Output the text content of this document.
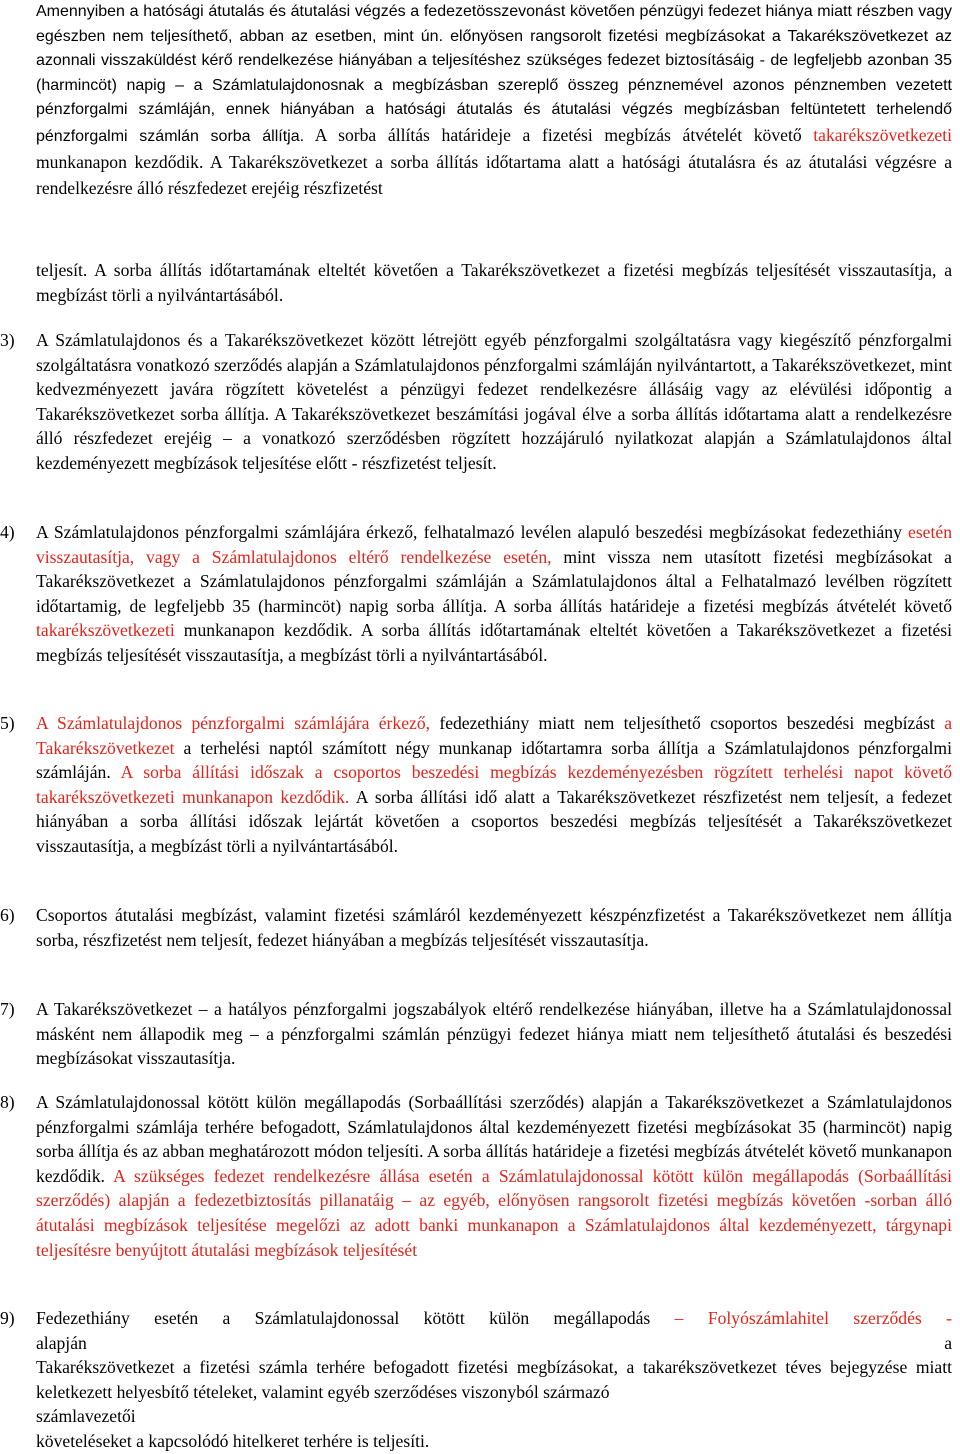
Amennyiben a hatósági átutalás és átutalási végzés a fedezetösszevonást követően pénzügyi fedezet hiánya miatt részben vagy egészben nem teljesíthető, abban az esetben, mint ún. előnyösen rangsorolt fizetési megbízásokat a Takarékszövetkezet az azonnali visszaküldést kérő rendelkezése hiányában a teljesítéshez szükséges fedezet biztosításáig - de legfeljebb azonban 35 (harmincöt) napig – a Számlatulajdonosnak a megbízásban szereplő összeg pénznemével azonos pénznemben vezetett pénzforgalmi számláján, ennek hiányában a hatósági átutalás és átutalási végzés megbízásban feltüntetett terhelendő pénzforgalmi számlán sorba állítja. A sorba állítás határideje a fizetési megbízás átvételét követő takarékszövetkezeti munkanapon kezdődik. A Takarékszövetkezet a sorba állítás időtartama alatt a hatósági átutalásra és az átutalási végzésre a rendelkezésre álló részfedezet erejéig részfizetést

teljesít. A sorba állítás időtartamának elteltét követően a Takarékszövetkezet a fizetési megbízás teljesítését visszautasítja, a megbízást törli a nyilvántartásából.

3)	A Számlatulajdonos és a Takarékszövetkezet között létrejött egyéb pénzforgalmi szolgáltatásra vagy kiegészítő pénzforgalmi szolgáltatásra vonatkozó szerződés alapján a Számlatulajdonos pénzforgalmi számláján nyilvántartott, a Takarékszövetkezet, mint kedvezményezett javára rögzített követelést a pénzügyi fedezet rendelkezésre állásáig vagy az elévülési időpontig a Takarékszövetkezet sorba állítja. A Takarékszövetkezet beszámítási jogával élve a sorba állítás időtartama alatt a rendelkezésre álló részfedezet erejéig – a vonatkozó szerződésben rögzített hozzájáruló nyilatkozat alapján a Számlatulajdonos által kezdeményezett megbízások teljesítése előtt - részfizetést teljesít.

4)	A Számlatulajdonos pénzforgalmi számlájára érkező, felhatalmazó levélen alapuló beszedési megbízásokat fedezethiány esetén visszautasítja, vagy a Számlatulajdonos eltérő rendelkezése esetén, mint vissza nem utasított fizetési megbízásokat a Takarékszövetkezet a Számlatulajdonos pénzforgalmi számláján a Számlatulajdonos által a Felhatalmazó levélben rögzített időtartamig, de legfeljebb 35 (harmincöt) napig sorba állítja. A sorba állítás határideje a fizetési megbízás átvételét követő takarékszövetkezeti munkanapon kezdődik. A sorba állítás időtartamának elteltét követően a Takarékszövetkezet a fizetési megbízás teljesítését visszautasítja, a megbízást törli a nyilvántartásából.

5)	A Számlatulajdonos pénzforgalmi számlájára érkező, fedezethiány miatt nem teljesíthető csoportos beszedési megbízást a Takarékszövetkezet a terhelési naptól számított négy munkanap időtartamra sorba állítja a Számlatulajdonos pénzforgalmi számláján. A sorba állítási időszak a csoportos beszedési megbízás kezdeményezésben rögzített terhelési napot követő takarékszövetkezeti munkanapon kezdődik. A sorba állítási idő alatt a Takarékszövetkezet részfizetést nem teljesít, a fedezet hiányában a sorba állítási időszak lejártát követően a csoportos beszedési megbízás teljesítését a Takarékszövetkezet visszautasítja, a megbízást törli a nyilvántartásából.

6)	Csoportos átutalási megbízást, valamint fizetési számláról kezdeményezett készpénzfizetést a Takarékszövetkezet nem állítja sorba, részfizetést nem teljesít, fedezet hiányában a megbízás teljesítését visszautasítja.

7)	A Takarékszövetkezet – a hatályos pénzforgalmi jogszabályok eltérő rendelkezése hiányában, illetve ha a Számlatulajdonossal másként nem állapodik meg – a pénzforgalmi számlán pénzügyi fedezet hiánya miatt nem teljesíthető átutalási és beszedési megbízásokat visszautasítja.

8)	A Számlatulajdonossal kötött külön megállapodás (Sorbaállítási szerződés) alapján a Takarékszövetkezet a Számlatulajdonos pénzforgalmi számlája terhére befogadott, Számlatulajdonos által kezdeményezett fizetési megbízásokat 35 (harmincöt) napig sorba állítja és az abban meghatározott módon teljesíti. A sorba állítás határideje a fizetési megbízás átvételét követő munkanapon kezdődik. A szükséges fedezet rendelkezésre állása esetén a Számlatulajdonossal kötött külön megállapodás (Sorbaállítási szerződés) alapján a fedezetbiztosítás pillanatáig – az egyéb, előnyösen rangsorolt fizetési megbízás követően -sorban álló átutalási megbízások teljesítése megelőzi az adott banki munkanapon a Számlatulajdonos által kezdeményezett, tárgynapi teljesítésre benyújtott átutalási megbízások teljesítését

9)	Fedezethiány esetén a Számlatulajdonossal kötött külön megállapodás – Folyószámlahitel szerződés -

alapján	a

Takarékszövetkezet a fizetési számla terhére befogadott fizetési megbízásokat, a takarékszövetkezet téves bejegyzése miatt keletkezett helyesbítő tételeket, valamint egyéb szerződéses viszonyból származó

számlavezetői

követeléseket a kapcsolódó hitelkeret terhére is teljesíti.
